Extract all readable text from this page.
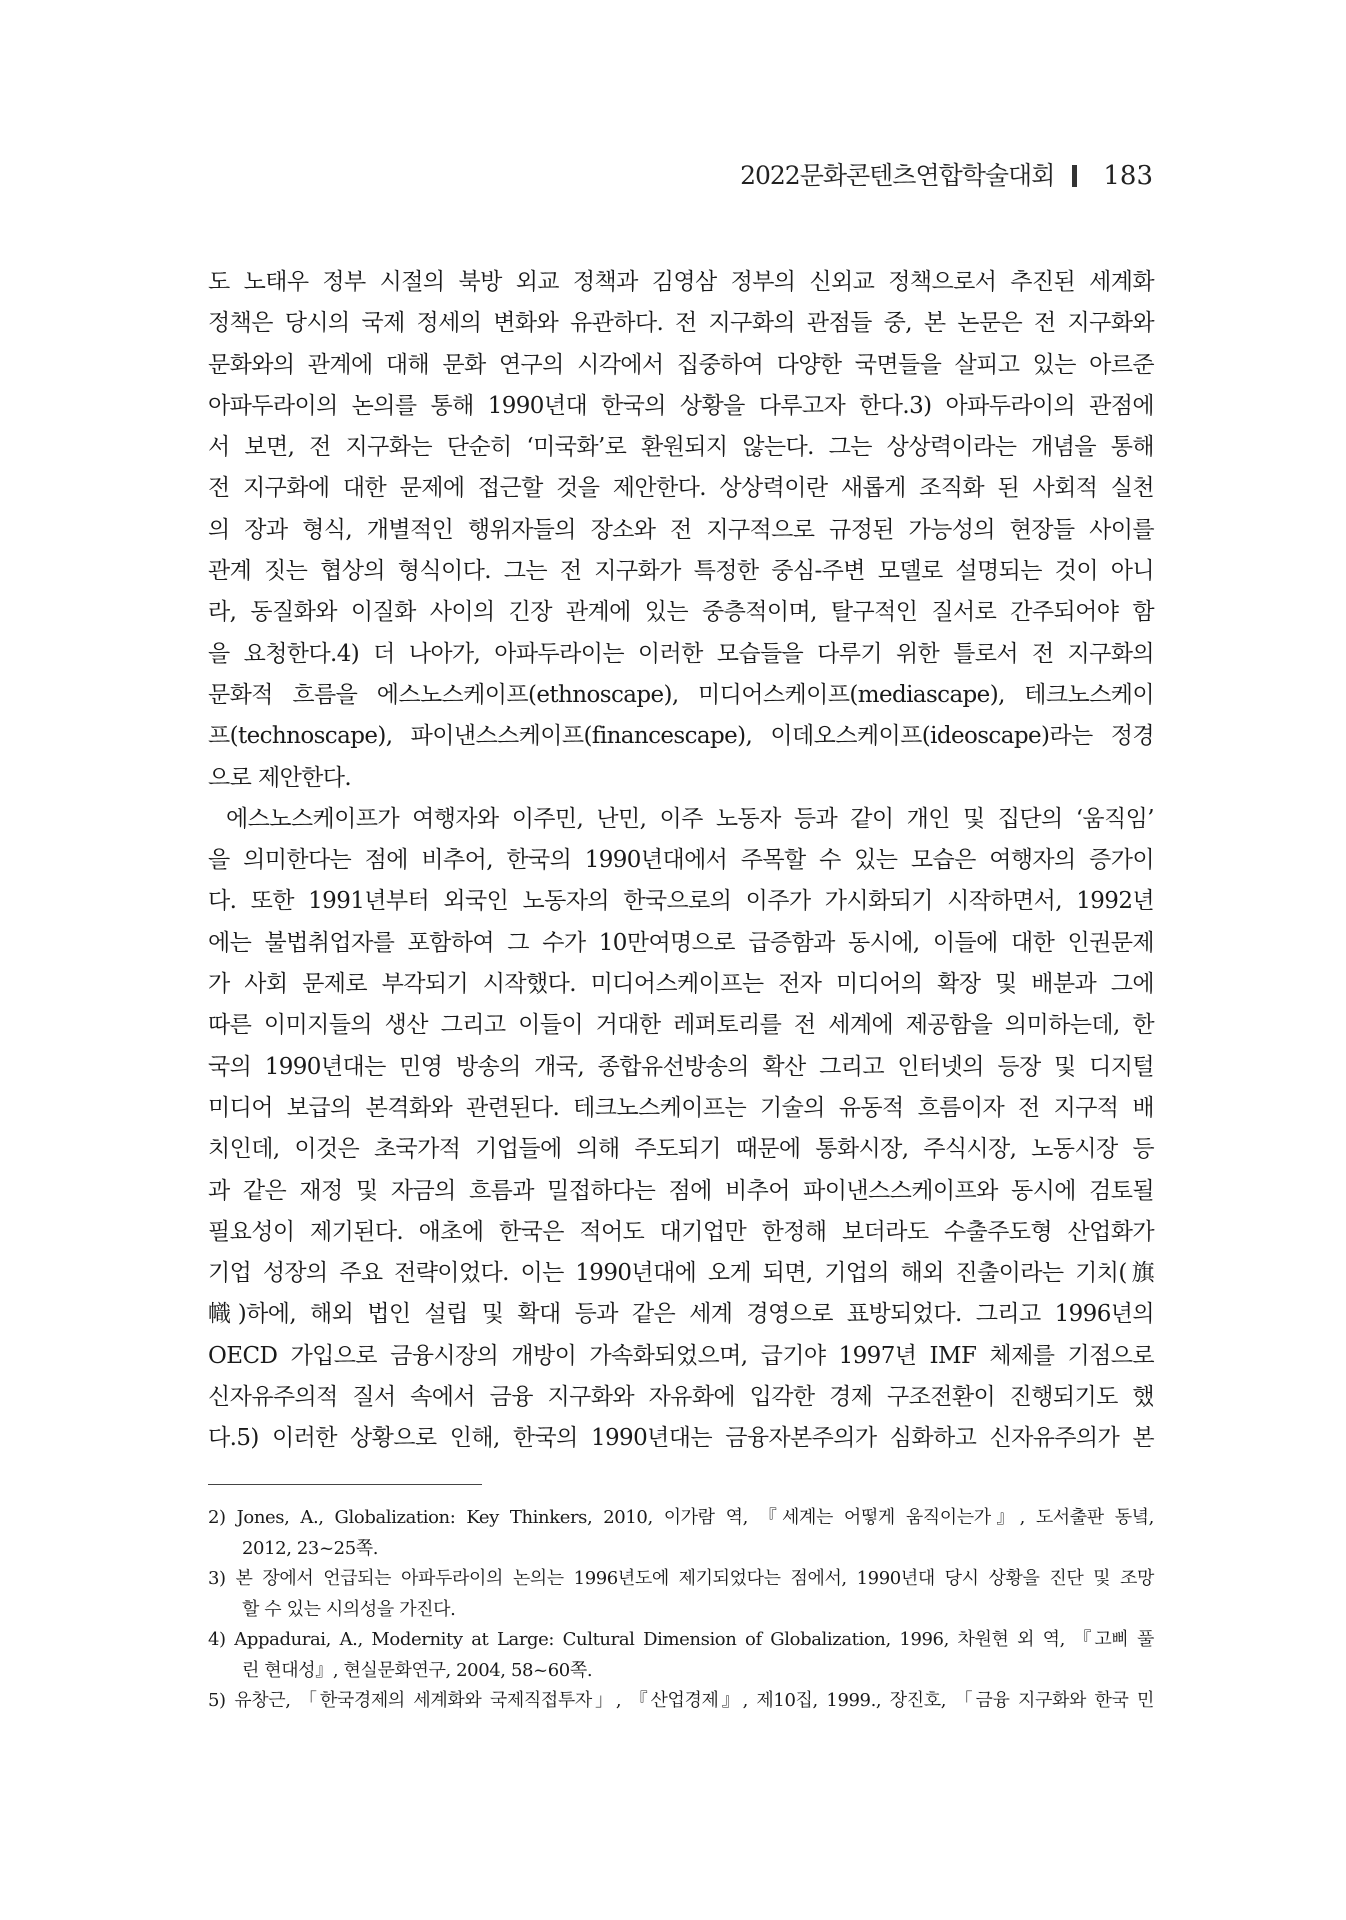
2022문화콘텐츠연합학술대회 183
도 노태우 정부 시절의 북방 외교 정책과 김영삼 정부의 신외교 정책으로서 추진된 세계화
정책은 당시의 국제 정세의 변화와 유관하다. 전 지구화의 관점들 중, 본 논문은 전 지구화와
문화와의 관계에 대해 문화 연구의 시각에서 집중하여 다양한 국면들을 살피고 있는 아르준
아파두라이의 논의를 통해 1990년대 한국의 상황을 다루고자 한다.3) 아파두라이의 관점에
서 보면, 전 지구화는 단순히 ‘미국화’로 환원되지 않는다. 그는 상상력이라는 개념을 통해
전 지구화에 대한 문제에 접근할 것을 제안한다. 상상력이란 새롭게 조직화 된 사회적 실천
의 장과 형식, 개별적인 행위자들의 장소와 전 지구적으로 규정된 가능성의 현장들 사이를
관계 짓는 협상의 형식이다. 그는 전 지구화가 특정한 중심-주변 모델로 설명되는 것이 아니
라, 동질화와 이질화 사이의 긴장 관계에 있는 중층적이며, 탈구적인 질서로 간주되어야 함
을 요청한다.4) 더 나아가, 아파두라이는 이러한 모습들을 다루기 위한 틀로서 전 지구화의
문화적 흐름을 에스노스케이프(ethnoscape), 미디어스케이프(mediascape), 테크노스케이
프(technoscape), 파이낸스스케이프(financescape), 이데오스케이프(ideoscape)라는 정경
으로 제안한다.
에스노스케이프가 여행자와 이주민, 난민, 이주 노동자 등과 같이 개인 및 집단의 ‘움직임’
을 의미한다는 점에 비추어, 한국의 1990년대에서 주목할 수 있는 모습은 여행자의 증가이
다. 또한 1991년부터 외국인 노동자의 한국으로의 이주가 가시화되기 시작하면서, 1992년
에는 불법취업자를 포함하여 그 수가 10만여명으로 급증함과 동시에, 이들에 대한 인권문제
가 사회 문제로 부각되기 시작했다. 미디어스케이프는 전자 미디어의 확장 및 배분과 그에
따른 이미지들의 생산 그리고 이들이 거대한 레퍼토리를 전 세계에 제공함을 의미하는데, 한
국의 1990년대는 민영 방송의 개국, 종합유선방송의 확산 그리고 인터넷의 등장 및 디지털
미디어 보급의 본격화와 관련된다. 테크노스케이프는 기술의 유동적 흐름이자 전 지구적 배
치인데, 이것은 초국가적 기업들에 의해 주도되기 때문에 통화시장, 주식시장, 노동시장 등
과 같은 재정 및 자금의 흐름과 밀접하다는 점에 비추어 파이낸스스케이프와 동시에 검토될
필요성이 제기된다. 애초에 한국은 적어도 대기업만 한정해 보더라도 수출주도형 산업화가
기업 성장의 주요 전략이었다. 이는 1990년대에 오게 되면, 기업의 해외 진출이라는 기치(旗
幟)하에, 해외 법인 설립 및 확대 등과 같은 세계 경영으로 표방되었다. 그리고 1996년의
OECD 가입으로 금융시장의 개방이 가속화되었으며, 급기야 1997년 IMF 체제를 기점으로
신자유주의적 질서 속에서 금융 지구화와 자유화에 입각한 경제 구조전환이 진행되기도 했
다.5) 이러한 상황으로 인해, 한국의 1990년대는 금융자본주의가 심화하고 신자유주의가 본
2) Jones, A., Globalization: Key Thinkers, 2010, 이가람 역, 『세계는 어떻게 움직이는가』, 도서출판 동녘,
2012, 23~25쪽.
3) 본 장에서 언급되는 아파두라이의 논의는 1996년도에 제기되었다는 점에서, 1990년대 당시 상황을 진단 및 조망
할 수 있는 시의성을 가진다.
4) Appadurai, A., Modernity at Large: Cultural Dimension of Globalization, 1996, 차원현 외 역, 『고삐 풀
린 현대성』, 현실문화연구, 2004, 58~60쪽.
5) 유창근, 「한국경제의 세계화와 국제직접투자」, 『산업경제』, 제10집, 1999., 장진호, 「금융 지구화와 한국 민
